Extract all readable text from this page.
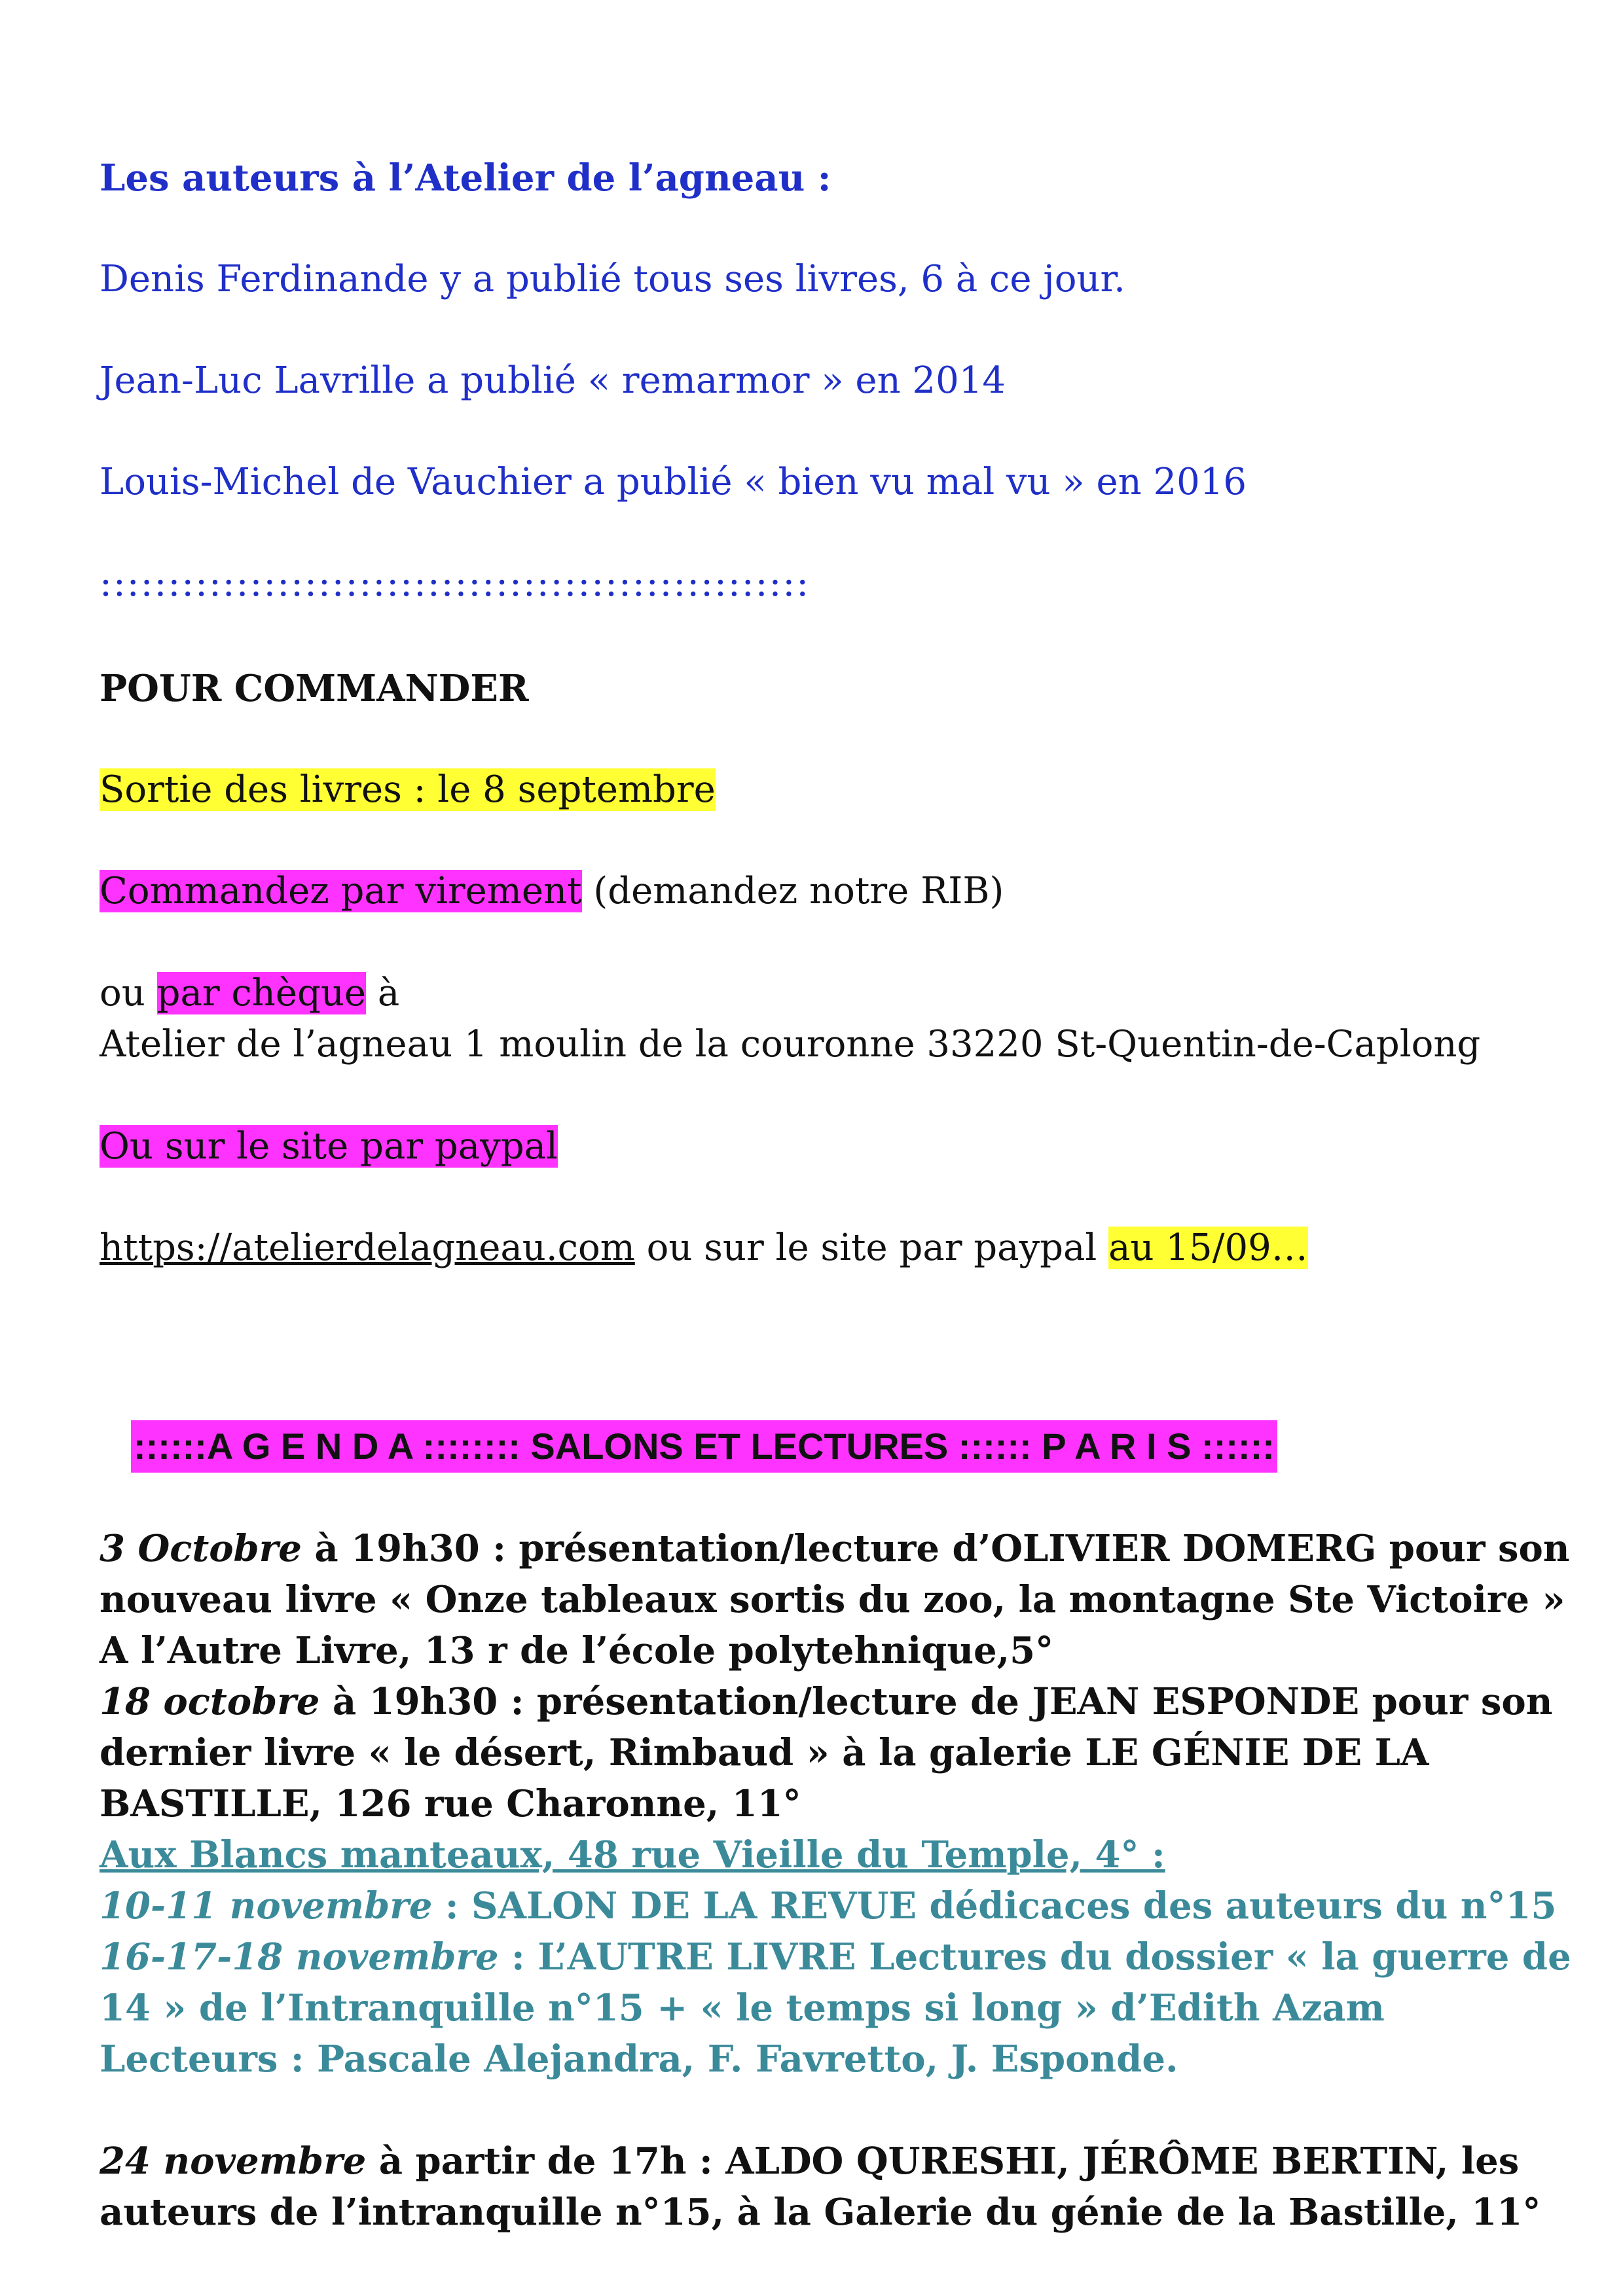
Les auteurs à l’Atelier de l’agneau :

Denis Ferdinande y a publié tous ses livres, 6 à ce jour.

Jean-Luc Lavrille a publié « remarmor » en 2014

Louis-Michel de Vauchier a publié « bien vu mal vu » en 2016

::::::::::::::::::::::::::::::::::::::::::::::::::::

POUR COMMANDER

Sortie des livres : le 8 septembre

Commandez par virement (demandez notre RIB)

ou par chèque à

Atelier de l’agneau 1 moulin de la couronne 33220 St-Quentin-de-Caplong

Ou sur le site par paypal

https://atelierdelagneau.com ou sur le site par paypal au 15/09…

::::::A G E N D A :::::::: SALONS ET LECTURES :::::: P A R I S ::::::

3 Octobre à 19h30 : présentation/lecture d’OLIVIER DOMERG pour son

nouveau livre « Onze tableaux sortis du zoo, la montagne Ste Victoire »

A l’Autre Livre, 13 r de l’école polytehnique,5°

18 octobre à 19h30 : présentation/lecture de JEAN ESPONDE pour son

dernier livre « le désert, Rimbaud » à la galerie LE GÉNIE DE LA

BASTILLE, 126 rue Charonne, 11°

Aux Blancs manteaux, 48 rue Vieille du Temple, 4° :

10-11 novembre : SALON DE LA REVUE dédicaces des auteurs du n°15

16-17-18 novembre : L’AUTRE LIVRE Lectures du dossier « la guerre de

14 » de l’Intranquille n°15 + « le temps si long » d’Edith Azam

Lecteurs : Pascale Alejandra, F. Favretto, J. Esponde.

24 novembre à partir de 17h : ALDO QURESHI, JÉRÔME BERTIN, les

auteurs de l’intranquille n°15, à la Galerie du génie de la Bastille, 11°
